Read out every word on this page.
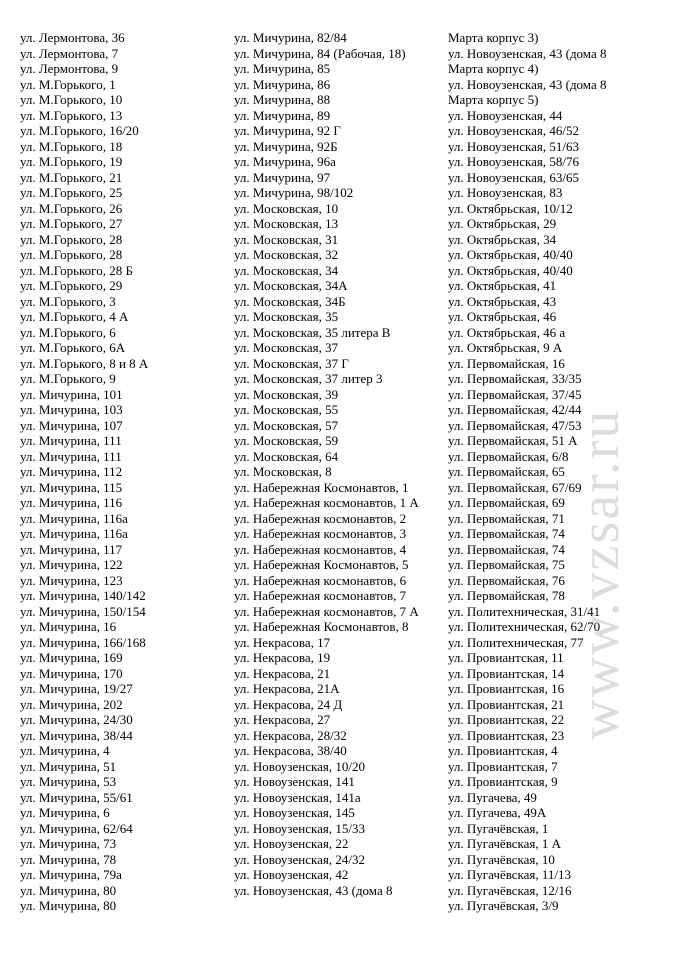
ул. Лермонтова, 36
ул. Лермонтова, 7
ул. Лермонтова, 9
ул. М.Горького, 1
ул. М.Горького, 10
ул. М.Горького, 13
ул. М.Горького, 16/20
ул. М.Горького, 18
ул. М.Горького, 19
ул. М.Горького, 21
ул. М.Горького, 25
ул. М.Горького, 26
ул. М.Горького, 27
ул. М.Горького, 28
ул. М.Горького, 28
ул. М.Горького, 28 Б
ул. М.Горького, 29
ул. М.Горького, 3
ул. М.Горького, 4 А
ул. М.Горького, 6
ул. М.Горького, 6А
ул. М.Горького, 8 и 8 А
ул. М.Горького, 9
ул. Мичурина, 101
ул. Мичурина, 103
ул. Мичурина, 107
ул. Мичурина, 111
ул. Мичурина, 111
ул. Мичурина, 112
ул. Мичурина, 115
ул. Мичурина, 116
ул. Мичурина, 116а
ул. Мичурина, 116а
ул. Мичурина, 117
ул. Мичурина, 122
ул. Мичурина, 123
ул. Мичурина, 140/142
ул. Мичурина, 150/154
ул. Мичурина, 16
ул. Мичурина, 166/168
ул. Мичурина, 169
ул. Мичурина, 170
ул. Мичурина, 19/27
ул. Мичурина, 202
ул. Мичурина, 24/30
ул. Мичурина, 38/44
ул. Мичурина, 4
ул. Мичурина, 51
ул. Мичурина, 53
ул. Мичурина, 55/61
ул. Мичурина, 6
ул. Мичурина, 62/64
ул. Мичурина, 73
ул. Мичурина, 78
ул. Мичурина, 79а
ул. Мичурина, 80
ул. Мичурина, 80
ул. Мичурина, 82/84
ул. Мичурина, 84 (Рабочая, 18)
ул. Мичурина, 85
ул. Мичурина, 86
ул. Мичурина, 88
ул. Мичурина, 89
ул. Мичурина, 92 Г
ул. Мичурина, 92Б
ул. Мичурина, 96а
ул. Мичурина, 97
ул. Мичурина, 98/102
ул. Московская, 10
ул. Московская, 13
ул. Московская, 31
ул. Московская, 32
ул. Московская, 34
ул. Московская, 34А
ул. Московская, 34Б
ул. Московская, 35
ул. Московская, 35 литера В
ул. Московская, 37
ул. Московская, 37 Г
ул. Московская, 37 литер 3
ул. Московская, 39
ул. Московская, 55
ул. Московская, 57
ул. Московская, 59
ул. Московская, 64
ул. Московская, 8
ул. Набережная Космонавтов, 1
ул. Набережная космонавтов, 1 А
ул. Набережная космонавтов, 2
ул. Набережная космонавтов, 3
ул. Набережная космонавтов, 4
ул. Набережная Космонавтов, 5
ул. Набережная космонавтов, 6
ул. Набережная космонавтов, 7
ул. Набережная космонавтов, 7 А
ул. Набережная Космонавтов, 8
ул. Некрасова, 17
ул. Некрасова, 19
ул. Некрасова, 21
ул. Некрасова, 21А
ул. Некрасова, 24 Д
ул. Некрасова, 27
ул. Некрасова, 28/32
ул. Некрасова, 38/40
ул. Новоузенская, 10/20
ул. Новоузенская, 141
ул. Новоузенская, 141а
ул. Новоузенская, 145
ул. Новоузенская, 15/33
ул. Новоузенская, 22
ул. Новоузенская, 24/32
ул. Новоузенская, 42
ул. Новоузенская, 43 (дома 8
Марта корпус 3)
ул. Новоузенская, 43 (дома 8
Марта корпус 4)
ул. Новоузенская, 43 (дома 8
Марта корпус 5)
ул. Новоузенская, 44
ул. Новоузенская, 46/52
ул. Новоузенская, 51/63
ул. Новоузенская, 58/76
ул. Новоузенская, 63/65
ул. Новоузенская, 83
ул. Октябрьская, 10/12
ул. Октябрьская, 29
ул. Октябрьская, 34
ул. Октябрьская, 40/40
ул. Октябрьская, 40/40
ул. Октябрьская, 41
ул. Октябрьская, 43
ул. Октябрьская, 46
ул. Октябрьская, 46 а
ул. Октябрьская, 9 А
ул. Первомайская, 16
ул. Первомайская, 33/35
ул. Первомайская, 37/45
ул. Первомайская, 42/44
ул. Первомайская, 47/53
ул. Первомайская, 51 А
ул. Первомайская, 6/8
ул. Первомайская, 65
ул. Первомайская, 67/69
ул. Первомайская, 69
ул. Первомайская, 71
ул. Первомайская, 74
ул. Первомайская, 74
ул. Первомайская, 75
ул. Первомайская, 76
ул. Первомайская, 78
ул. Политехническая, 31/41
ул. Политехническая, 62/70
ул. Политехническая, 77
ул. Провиантская, 11
ул. Провиантская, 14
ул. Провиантская, 16
ул. Провиантская, 21
ул. Провиантская, 22
ул. Провиантская, 23
ул. Провиантская, 4
ул. Провиантская, 7
ул. Провиантская, 9
ул. Пугачева, 49
ул. Пугачева, 49А
ул. Пугачёвская, 1
ул. Пугачёвская, 1 А
ул. Пугачёвская, 10
ул. Пугачёвская, 11/13
ул. Пугачёвская, 12/16
ул. Пугачёвская, 3/9
www.vzsar.ru
